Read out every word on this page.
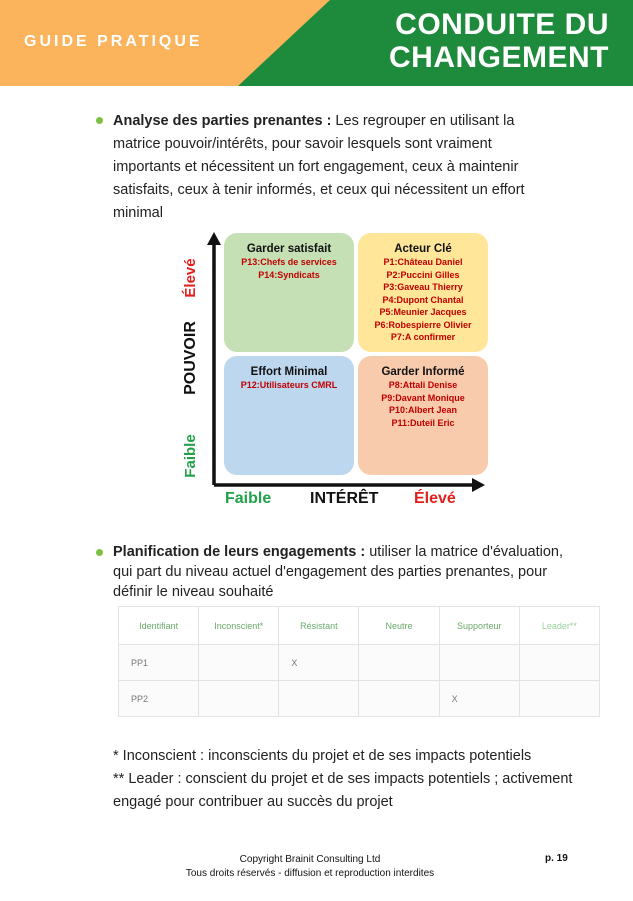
GUIDE PRATIQUE
CONDUITE DU
CHANGEMENT
Analyse des parties prenantes : Les regrouper en utilisant la matrice pouvoir/intérêts, pour savoir lesquels sont vraiment importants et nécessitent un fort engagement, ceux à maintenir satisfaits, ceux à tenir informés, et ceux qui nécessitent un effort minimal
Garder satisfait
P13:Chefs de services
P14:Syndicats
Acteur Clé
P1:Château Daniel
P2:Puccini Gilles
P3:Gaveau Thierry
P4:Dupont Chantal
P5:Meunier Jacques
P6:Robespierre Olivier
P7:A confirmer
Effort Minimal
P12:Utilisateurs CMRL
Garder Informé
P8:Attali Denise
P9:Davant Monique
P10:Albert Jean
P11:Duteil Eric
Élevé
POUVOIR
Faible
Faible INTÉRÊT Élevé
Planification de leurs engagements : utiliser la matrice d'évaluation, qui part du niveau actuel d'engagement des parties prenantes, pour définir le niveau souhaité
Identifiant	Inconscient*	Résistant	Neutre	Supporteur	Leader**
PP1		X			
PP2				X	
* Inconscient : inconscients du projet et de ses impacts potentiels
** Leader : conscient du projet et de ses impacts potentiels ; activement engagé pour contribuer au succès du projet
Copyright Brainit Consulting Ltd
Tous droits réservés - diffusion et reproduction interdites
p. 19
